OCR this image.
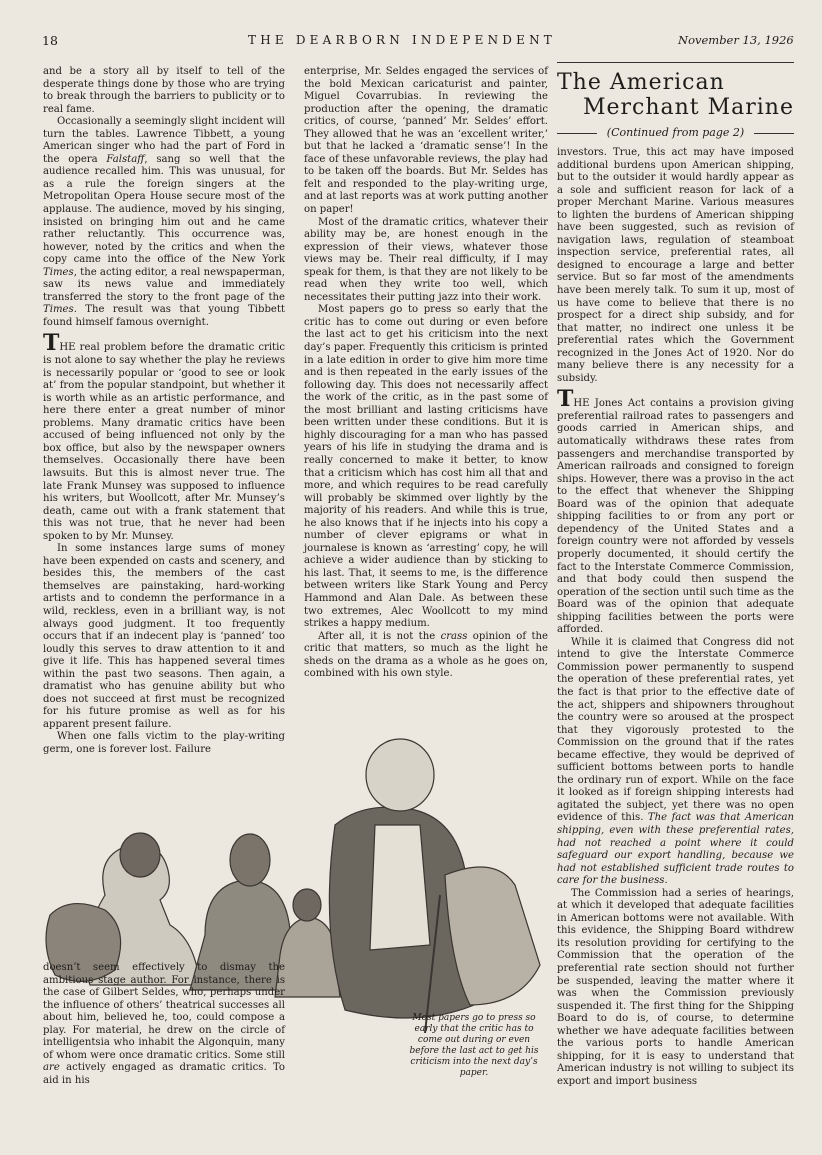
18	THE DEARBORN INDEPENDENT	November 13, 1926

and be a story all by itself to tell of the desperate things done by those who are trying to break through the barriers to publicity or to real fame.

Occasionally a seemingly slight incident will turn the tables. Lawrence Tibbett, a young American singer who had the part of Ford in the opera Falstaff, sang so well that the audience recalled him. This was unusual, for as a rule the foreign singers at the Metropolitan Opera House secure most of the applause. The audience, moved by his singing, insisted on bringing him out and he came rather reluctantly. This occurrence was, however, noted by the critics and when the copy came into the office of the New York Times, the acting editor, a real newspaperman, saw its news value and immediately transferred the story to the front page of the Times. The result was that young Tibbett found himself famous overnight.

THE real problem before the dramatic critic is not alone to say whether the play he reviews is necessarily popular or ‘good to see or look at’ from the popular standpoint, but whether it is worth while as an artistic performance, and here there enter a great number of minor problems. Many dramatic critics have been accused of being influenced not only by the box office, but also by the newspaper owners themselves. Occasionally there have been lawsuits. But this is almost never true. The late Frank Munsey was supposed to influence his writers, but Woollcott, after Mr. Munsey’s death, came out with a frank statement that this was not true, that he never had been spoken to by Mr. Munsey.

In some instances large sums of money have been expended on casts and scenery, and besides this, the members of the cast themselves are painstaking, hard-working artists and to condemn the performance in a wild, reckless, even in a brilliant way, is not always good judgment. It too frequently occurs that if an indecent play is ‘panned’ too loudly this serves to draw attention to it and give it life. This has happened several times within the past two seasons. Then again, a dramatist who has genuine ability but who does not succeed at first must be recognized for his future promise as well as for his apparent present failure.

When one falls victim to the play-writing germ, one is forever lost. Failure

enterprise, Mr. Seldes engaged the services of the bold Mexican caricaturist and painter, Miguel Covarrubias. In reviewing the production after the opening, the dramatic critics, of course, ‘panned’ Mr. Seldes’ effort. They allowed that he was an ‘excellent writer,’ but that he lacked a ‘dramatic sense’! In the face of these unfavorable reviews, the play had to be taken off the boards. But Mr. Seldes has felt and responded to the play-writing urge, and at last reports was at work putting another on paper!

Most of the dramatic critics, whatever their ability may be, are honest enough in the expression of their views, whatever those views may be. Their real difficulty, if I may speak for them, is that they are not likely to be read when they write too well, which necessitates their putting jazz into their work.

Most papers go to press so early that the critic has to come out during or even before the last act to get his criticism into the next day’s paper. Frequently this criticism is printed in a late edition in order to give him more time and is then repeated in the early issues of the following day. This does not necessarily affect the work of the critic, as in the past some of the most brilliant and lasting criticisms have been written under these conditions. But it is highly discouraging for a man who has passed years of his life in studying the drama and is really concerned to make it better, to know that a criticism which has cost him all that and more, and which requires to be read carefully will probably be skimmed over lightly by the majority of his readers. And while this is true, he also knows that if he injects into his copy a number of clever epigrams or what in journalese is known as ‘arresting’ copy, he will achieve a wider audience than by sticking to his last. That, it seems to me, is the difference between writers like Stark Young and Percy Hammond and Alan Dale. As between these two extremes, Alec Woollcott to my mind strikes a happy medium.

After all, it is not the crass opinion of the critic that matters, so much as the light he sheds on the drama as a whole as he goes on, combined with his own style.

The American
Merchant Marine
(Continued from page 2)

investors. True, this act may have imposed additional burdens upon American shipping, but to the outsider it would hardly appear as a sole and sufficient reason for lack of a proper Merchant Marine. Various measures to lighten the burdens of American shipping have been suggested, such as revision of navigation laws, regulation of steamboat inspection service, preferential rates, all designed to encourage a large and better service. But so far most of the amendments have been merely talk. To sum it up, most of us have come to believe that there is no prospect for a direct ship subsidy, and for that matter, no indirect one unless it be preferential rates which the Government recognized in the Jones Act of 1920. Nor do many believe there is any necessity for a subsidy.

THE Jones Act contains a provision giving preferential railroad rates to passengers and goods carried in American ships, and automatically withdraws these rates from passengers and merchandise transported by American railroads and consigned to foreign ships. However, there was a proviso in the act to the effect that whenever the Shipping Board was of the opinion that adequate shipping facilities to or from any port or dependency of the United States and a foreign country were not afforded by vessels properly documented, it should certify the fact to the Interstate Commerce Commission, and that body could then suspend the operation of the section until such time as the Board was of the opinion that adequate shipping facilities between the ports were afforded.

While it is claimed that Congress did not intend to give the Interstate Commerce Commission power permanently to suspend the operation of these preferential rates, yet the fact is that prior to the effective date of the act, shippers and shipowners throughout the country were so aroused at the prospect that they vigorously protested to the Commission on the ground that if the rates became effective, they would be deprived of sufficient bottoms between ports to handle the ordinary run of export. While on the face it looked as if foreign shipping interests had agitated the subject, yet there was no open evidence of this. The fact was that American shipping, even with these preferential rates, had not reached a point where it could safeguard our export handling, because we had not established sufficient trade routes to care for the business.

The Commission had a series of hearings, at which it developed that adequate facilities in American bottoms were not available. With this evidence, the Shipping Board withdrew its resolution providing for certifying to the Commission that the operation of the preferential rate section should not further be suspended, leaving the matter where it was when the Commission previously suspended it. The first thing for the Shipping Board to do is, of course, to determine whether we have adequate facilities between the various ports to handle American shipping, for it is easy to understand that American industry is not willing to subject its export and import business

Most papers go to press so early that the critic has to come out during or even before the last act to get his criticism into the next day’s paper.

doesn’t seem effectively to dismay the ambitious stage author. For instance, there is the case of Gilbert Seldes, who, perhaps under the influence of others’ theatrical successes all about him, believed he, too, could compose a play. For material, he drew on the circle of intelligentsia who inhabit the Algonquin, many of whom were once dramatic critics. Some still are actively engaged as dramatic critics. To aid in his
